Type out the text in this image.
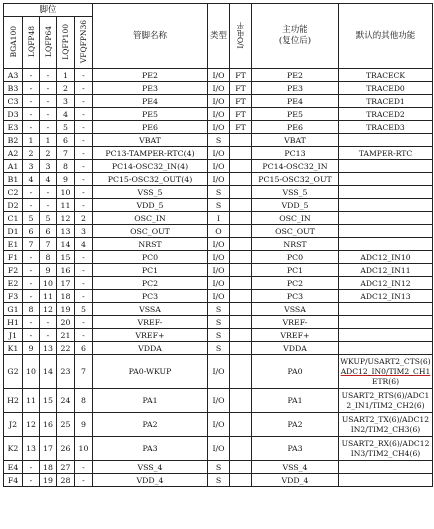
脚位					管脚名称	类型	I/O电平	主功能
(复位后)	默认的其他功能
BGA100	LQFP48	LQFP64	LQFP100	VFQFPN36					
A3	-	-	1	-	PE2	I/O	FT	PE2	TRACECK

B3	-	-	2	-	PE3	I/O	FT	PE3	TRACED0

C3	-	-	3	-	PE4	I/O	FT	PE4	TRACED1

D3	-	-	4	-	PE5	I/O	FT	PE5	TRACED2

E3	-	-	5	-	PE6	I/O	FT	PE6	TRACED3

B2	1	1	6	-	VBAT	S		VBAT	

A2	2	2	7	-	PC13-TAMPER-RTC(4)	I/O		PC13	TAMPER-RTC

A1	3	3	8	-	PC14-OSC32_IN(4)	I/O		PC14-OSC32_IN	

B1	4	4	9	-	PC15-OSC32_OUT(4)	I/O		PC15-OSC32_OUT	

C2	-	-	10	-	VSS_5	S		VSS_5	

D2	-	-	11	-	VDD_5	S		VDD_5	

C1	5	5	12	2	OSC_IN	I		OSC_IN	

D1	6	6	13	3	OSC_OUT	O		OSC_OUT	

E1	7	7	14	4	NRST	I/O		NRST	

F1	-	8	15	-	PC0	I/O		PC0	ADC12_IN10

F2	-	9	16	-	PC1	I/O		PC1	ADC12_IN11

E2	-	10	17	-	PC2	I/O		PC2	ADC12_IN12

F3	-	11	18	-	PC3	I/O		PC3	ADC12_IN13

G1	8	12	19	5	VSSA	S		VSSA	

H1	-	-	20	-	VREF-	S		VREF-	

J1	-	-	21	-	VREF+	S		VREF+	

K1	9	13	22	6	VDDA	S		VDDA	

G2	10	14	23	7	PA0-WKUP	I/O		PA0	WKUP/USART2_CTS(6)
ADC12_IN0/TIM2_CH1
ETR(6)

H2	11	15	24	8	PA1	I/O		PA1	USART2_RTS(6)/ADC1
2_IN1/TIM2_CH2(6)

J2	12	16	25	9	PA2	I/O		PA2	USART2_TX(6)/ADC12
IN2/TIM2_CH3(6)

K2	13	17	26	10	PA3	I/O		PA3	USART2_RX(6)/ADC12
IN3/TIM2_CH4(6)

E4	-	18	27	-	VSS_4	S		VSS_4	

F4	-	19	28	-	VDD_4	S		VDD_4	
